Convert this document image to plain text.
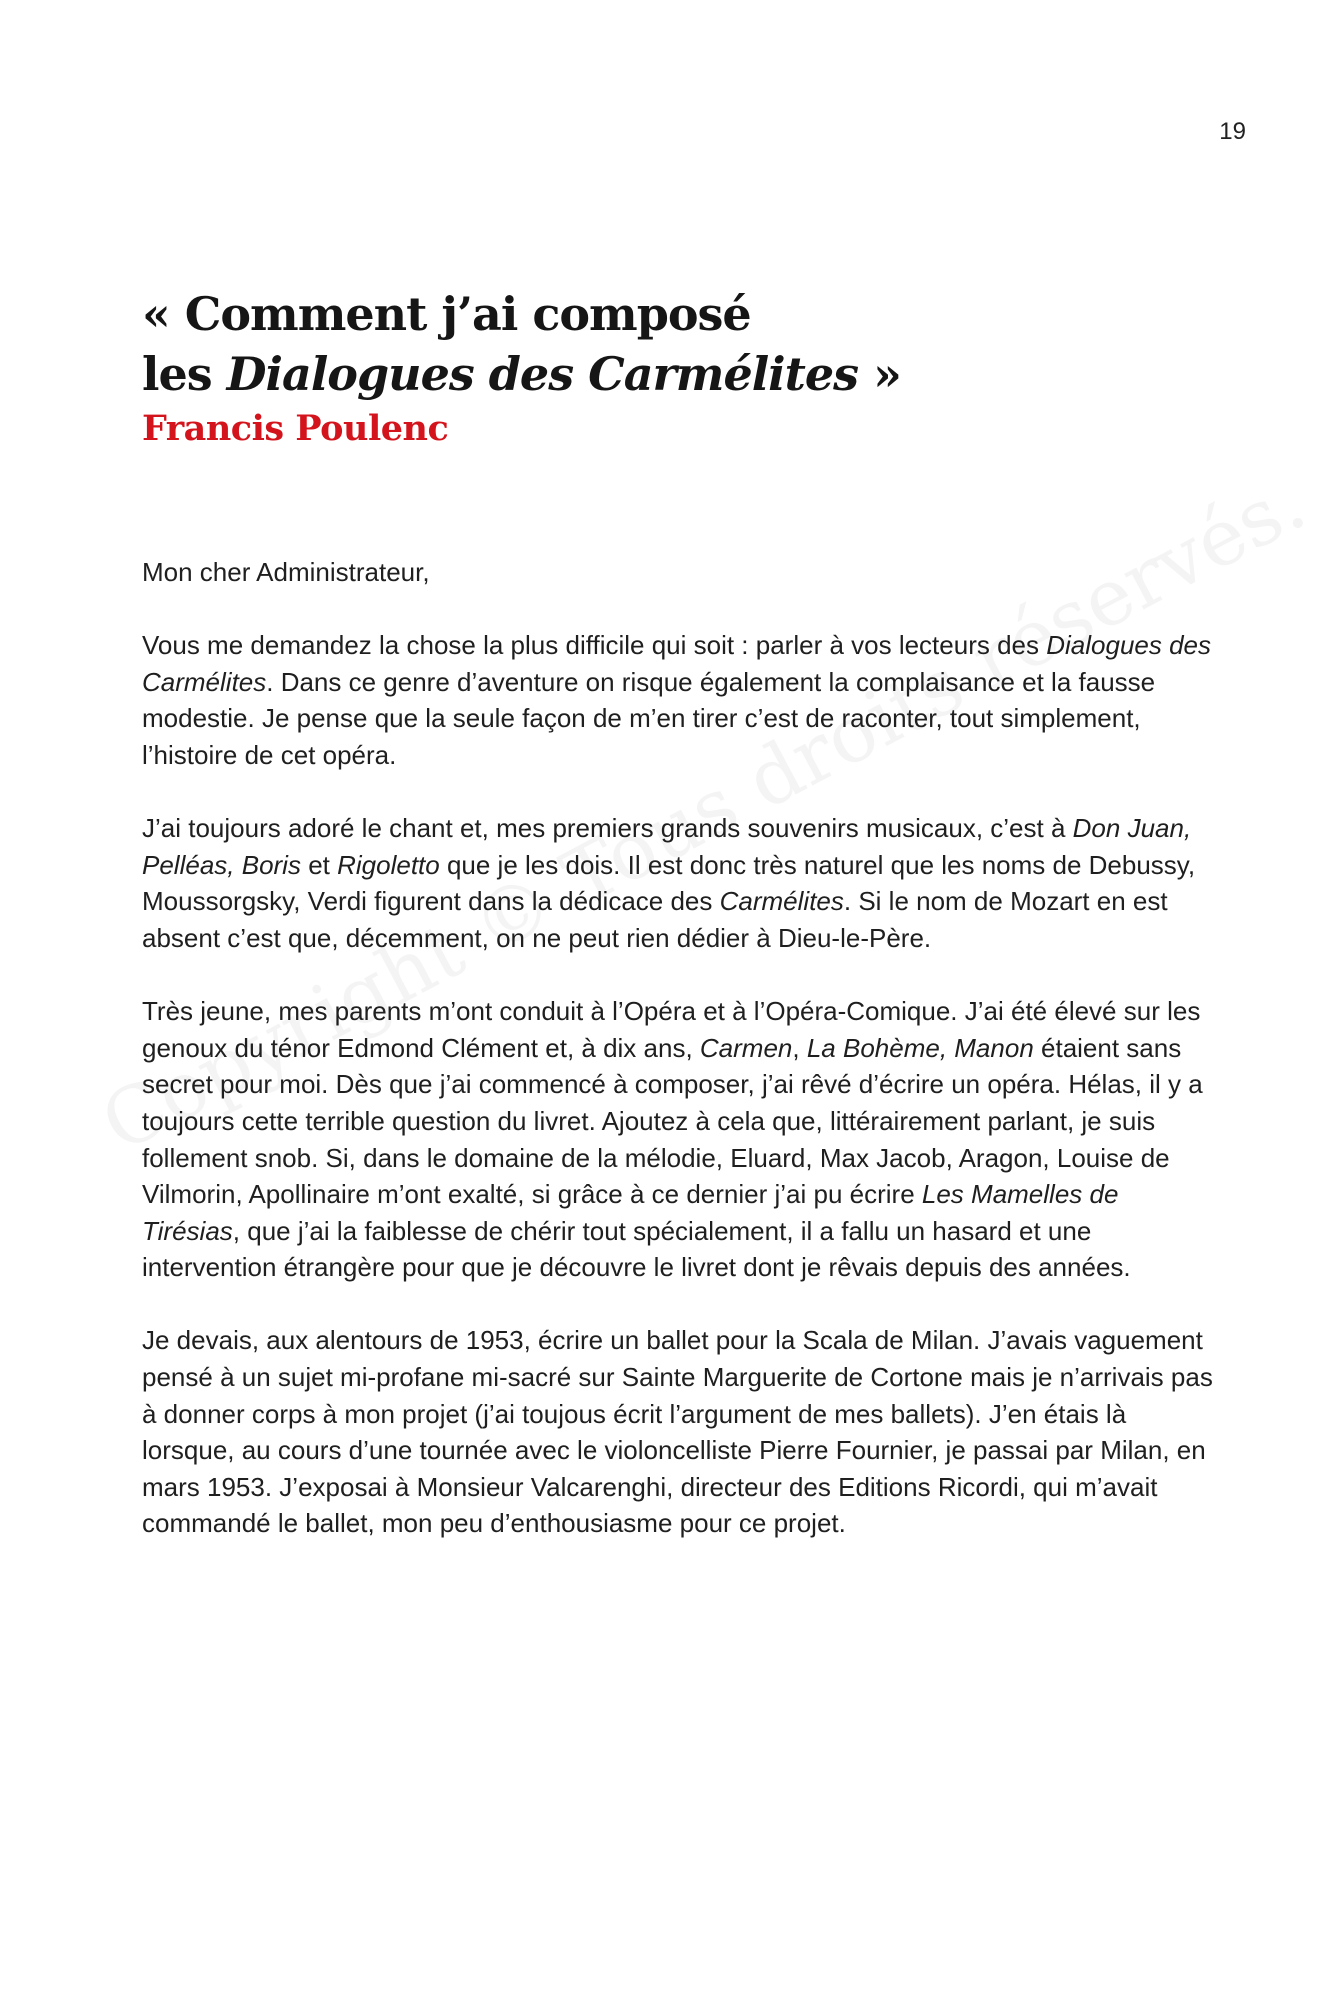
19
« Comment j’ai composé
les Dialogues des Carmélites »
Francis Poulenc

Mon cher Administrateur,

Vous me demandez la chose la plus difficile qui soit : parler à vos lecteurs des Dialogues des Carmélites. Dans ce genre d’aventure on risque également la complaisance et la fausse modestie. Je pense que la seule façon de m’en tirer c’est de raconter, tout simplement, l’histoire de cet opéra.

J’ai toujours adoré le chant et, mes premiers grands souvenirs musicaux, c’est à Don Juan, Pelléas, Boris et Rigoletto que je les dois. Il est donc très naturel que les noms de Debussy, Moussorgsky, Verdi figurent dans la dédicace des Carmélites. Si le nom de Mozart en est absent c’est que, décemment, on ne peut rien dédier à Dieu-le-Père.

Très jeune, mes parents m’ont conduit à l’Opéra et à l’Opéra-Comique. J’ai été élevé sur les genoux du ténor Edmond Clément et, à dix ans, Carmen, La Bohème, Manon étaient sans secret pour moi. Dès que j’ai commencé à composer, j’ai rêvé d’écrire un opéra. Hélas, il y a toujours cette terrible question du livret. Ajoutez à cela que, littérairement parlant, je suis follement snob. Si, dans le domaine de la mélodie, Eluard, Max Jacob, Aragon, Louise de Vilmorin, Apollinaire m’ont exalté, si grâce à ce dernier j’ai pu écrire Les Mamelles de Tirésias, que j’ai la faiblesse de chérir tout spécialement, il a fallu un hasard et une intervention étrangère pour que je découvre le livret dont je rêvais depuis des années.

Je devais, aux alentours de 1953, écrire un ballet pour la Scala de Milan. J’avais vaguement pensé à un sujet mi-profane mi-sacré sur Sainte Marguerite de Cortone mais je n’arrivais pas à donner corps à mon projet (j’ai toujous écrit l’argument de mes ballets). J’en étais là lorsque, au cours d’une tournée avec le violoncelliste Pierre Fournier, je passai par Milan, en mars 1953. J’exposai à Monsieur Valcarenghi, directeur des Editions Ricordi, qui m’avait commandé le ballet, mon peu d’enthousiasme pour ce projet.
